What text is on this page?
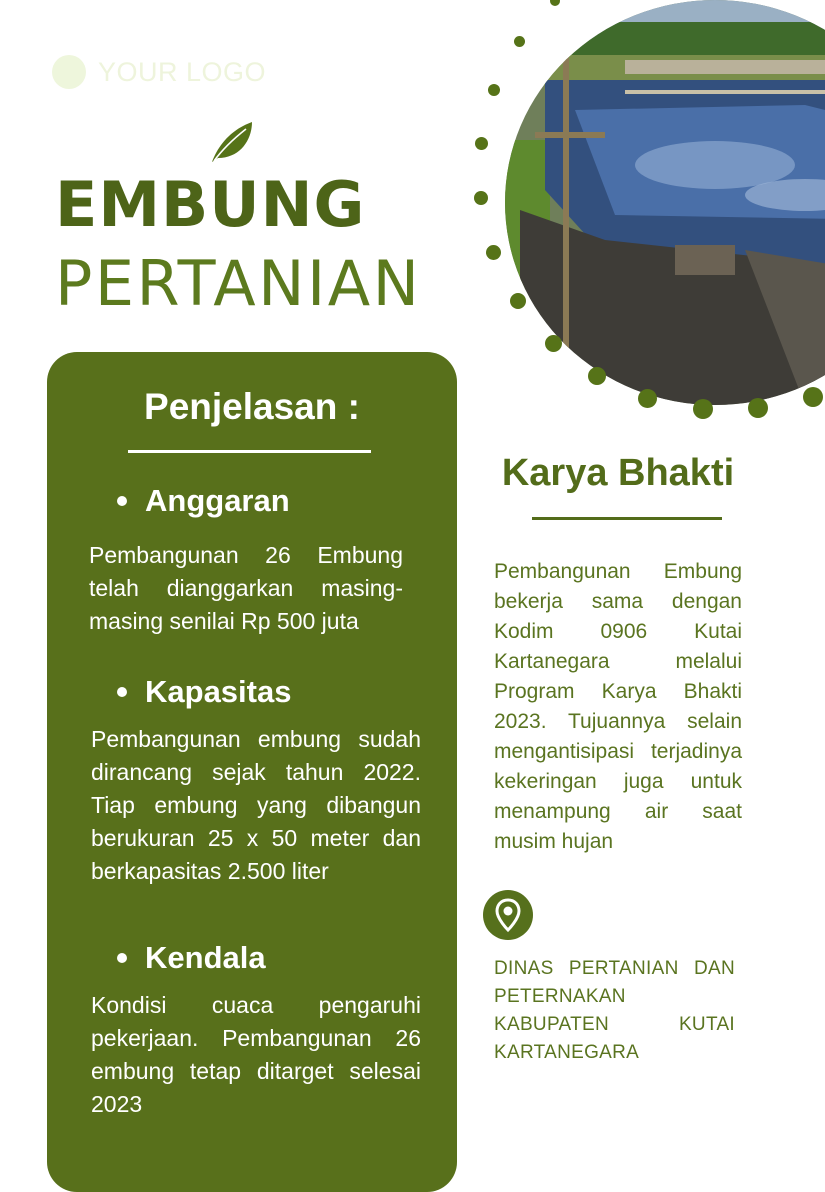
YOUR LOGO
EMBUNG
PERTANIAN
Penjelasan :
Anggaran

Pembangunan 26 Embung telah dianggarkan masing-masing senilai Rp 500 juta

Kapasitas

Pembangunan embung sudah dirancang sejak tahun 2022. Tiap embung yang dibangun berukuran 25 x 50 meter dan berkapasitas 2.500 liter

Kendala

Kondisi cuaca pengaruhi pekerjaan. Pembangunan 26 embung tetap ditarget selesai 2023

Karya Bhakti

Pembangunan Embung bekerja sama dengan Kodim 0906 Kutai Kartanegara melalui Program Karya Bhakti 2023. Tujuannya selain mengantisipasi terjadinya kekeringan juga untuk menampung air saat musim hujan

DINAS PERTANIAN DAN PETERNAKAN KABUPATEN KUTAI KARTANEGARA
